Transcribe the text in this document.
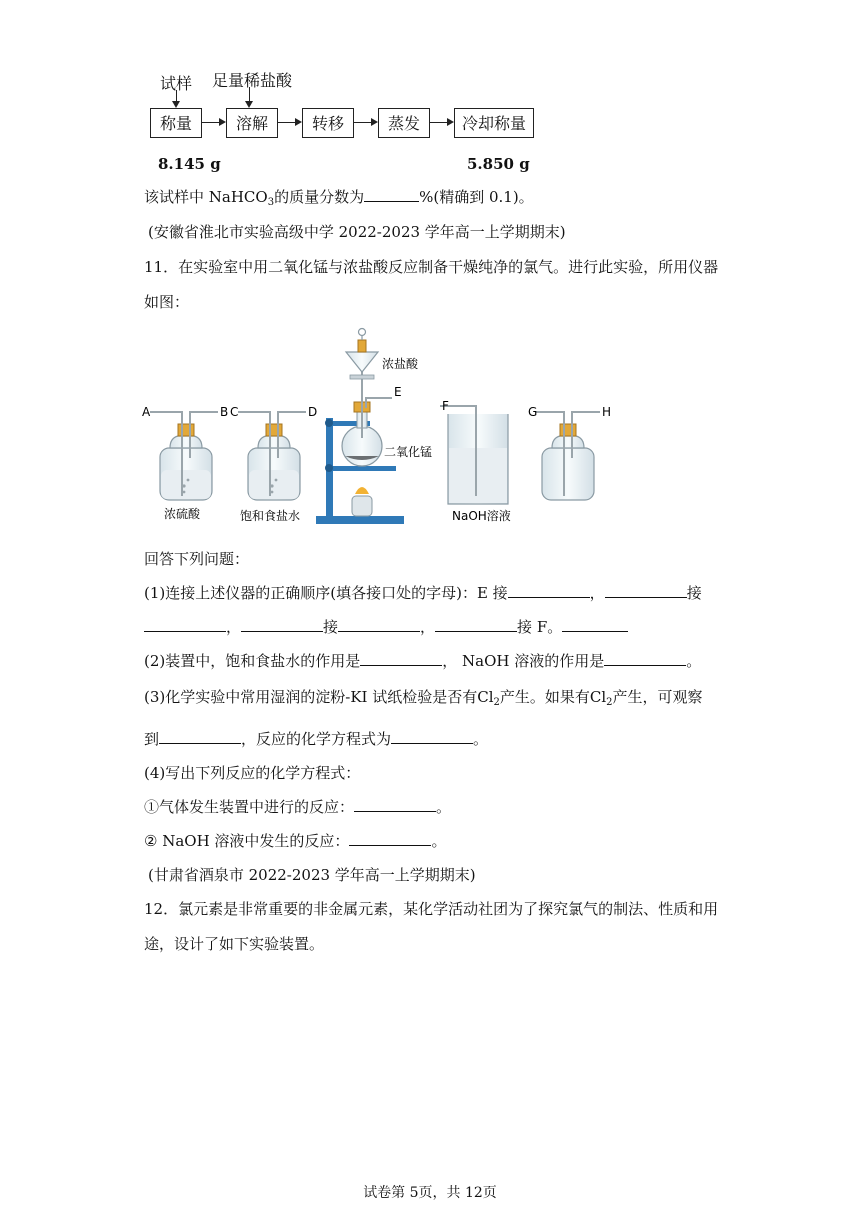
试样 足量稀盐酸
称量	溶解	转移	蒸发	冷却称量
8.145 g	5.850 g
该试样中 NaHCO$_3$的质量分数为	%(精确到 0.1)。
(安徽省淮北市实验高级中学 2022-2023 学年高一上学期期末)
11．在实验室中用二氧化锰与浓盐酸反应制备干燥纯净的氯气。进行此实验，所用仪器
如图：
A	B C	D
E
F	G	H
浓盐酸
二氧化锰
浓硫酸	饱和食盐水	NaOH溶液
回答下列问题：
(1)连接上述仪器的正确顺序(填各接口处的字母)：E 接	，	接
，	接	，	接 F。
(2)装置中，饱和食盐水的作用是	， NaOH 溶液的作用是	。
(3)化学实验中常用湿润的淀粉-KI 试纸检验是否有$Cl_2$产生。如果有$Cl_2$产生，可观察
到	，反应的化学方程式为	。
(4)写出下列反应的化学方程式：
①气体发生装置中进行的反应：	。
② NaOH 溶液中发生的反应：	。
(甘肃省酒泉市 2022-2023 学年高一上学期期末)
12．氯元素是非常重要的非金属元素，某化学活动社团为了探究氯气的制法、性质和用
途，设计了如下实验装置。
试卷第 5页，共 12页
